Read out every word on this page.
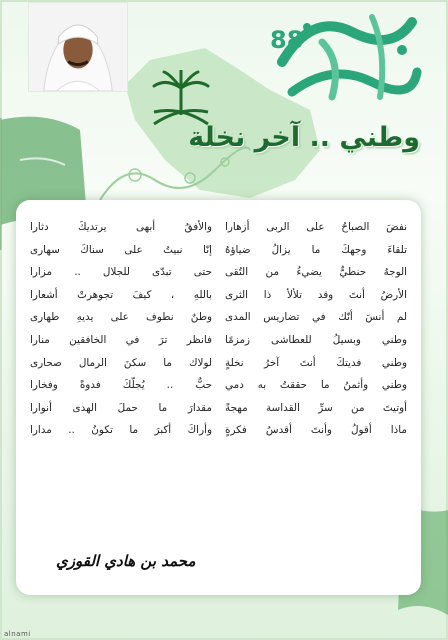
88
وطني .. آخر نخلة
نفضَ الصباحُ على الربى أزهارا
تلقاءَ وجهكَ ما يزالُ ضياؤهُ
الوجهُ حنطيٌّ يضيءُ من التُقى
الأرضُ أنتَ وقد تلألأ ذا الثرى
لم أنسَ أنّك في تضاريس المدى
وطني وبسيلُ للعطاشى زمزمًا
وطني فديتكَ أنتَ آخرُ نخلةٍ
وطني وأثمنُ ما حققتُ به دمي
أوتيتَ من سرِّ القداسة مهجةً
ماذا أقولُ وأنتَ أقدسُ فكرةٍ
والأفقُ أبهى يرتديكَ دثارا
إنّا نبيتُ على سناكَ سهارى
حتى تبدّى للجلال .. مزارا
باللهِ ، كيفَ تجوهرتْ أشعارا
وطنٌ نطوف على يديهِ طهارى
فانظر ترَ في الخافقين منارا
لولاك ما سكنَ الرمال صحارى
حبٌّ .. يُجلّكَ فدوةً وفخارا
مقدارَ ما حملَ الهدى أنوارا
وأراكَ أكبرَ ما تكونُ .. مدارا
محمد بن هادي القوزي
alnami
